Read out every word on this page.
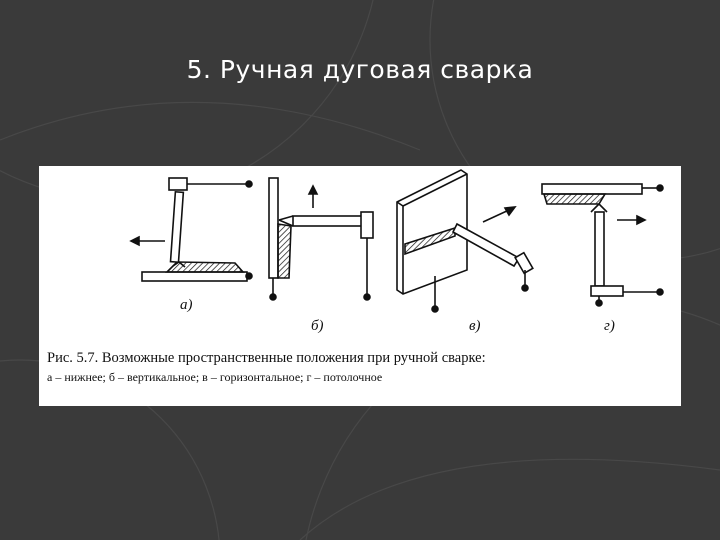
5. Ручная дуговая сварка
а)
б)	в)	г)
Рис. 5.7. Возможные пространственные положения при ручной сварке:
а – нижнее; б – вертикальное; в – горизонтальное; г – потолочное
